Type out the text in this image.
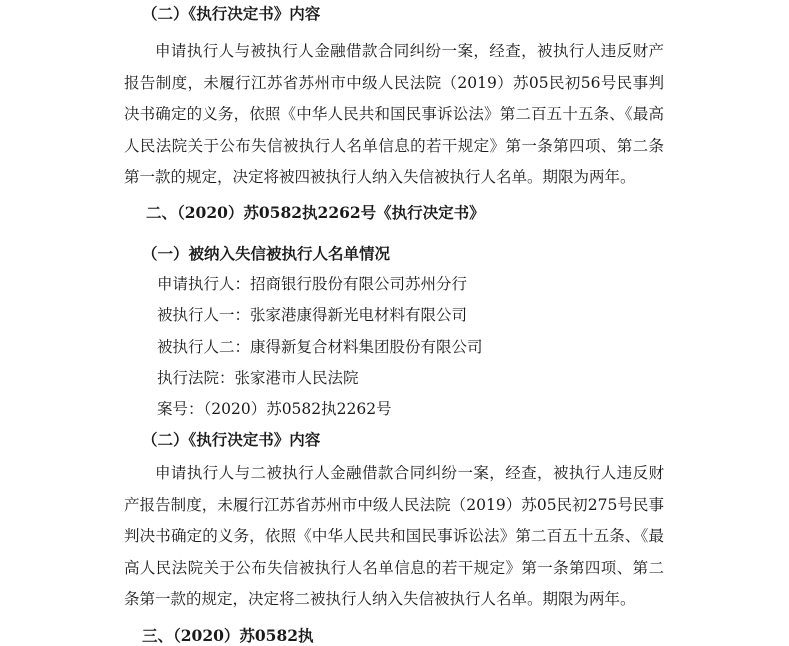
（二）《执行决定书》内容
申请执行人与被执行人金融借款合同纠纷一案，经查，被执行人违反财产报告制度，未履行江苏省苏州市中级人民法院（2019）苏05民初56号民事判决书确定的义务，依照《中华人民共和国民事诉讼法》第二百五十五条、《最高人民法院关于公布失信被执行人名单信息的若干规定》第一条第四项、第二条第一款的规定，决定将被四被执行人纳入失信被执行人名单。期限为两年。
二、（2020）苏0582执2262号《执行决定书》
（一）被纳入失信被执行人名单情况
申请执行人：招商银行股份有限公司苏州分行
被执行人一：张家港康得新光电材料有限公司
被执行人二：康得新复合材料集团股份有限公司
执行法院：张家港市人民法院
案号：（2020）苏0582执2262号
（二）《执行决定书》内容
申请执行人与二被执行人金融借款合同纠纷一案，经查，被执行人违反财产报告制度，未履行江苏省苏州市中级人民法院（2019）苏05民初275号民事判决书确定的义务，依照《中华人民共和国民事诉讼法》第二百五十五条、《最高人民法院关于公布失信被执行人名单信息的若干规定》第一条第四项、第二条第一款的规定，决定将二被执行人纳入失信被执行人名单。期限为两年。
三、（2020）苏0582执
